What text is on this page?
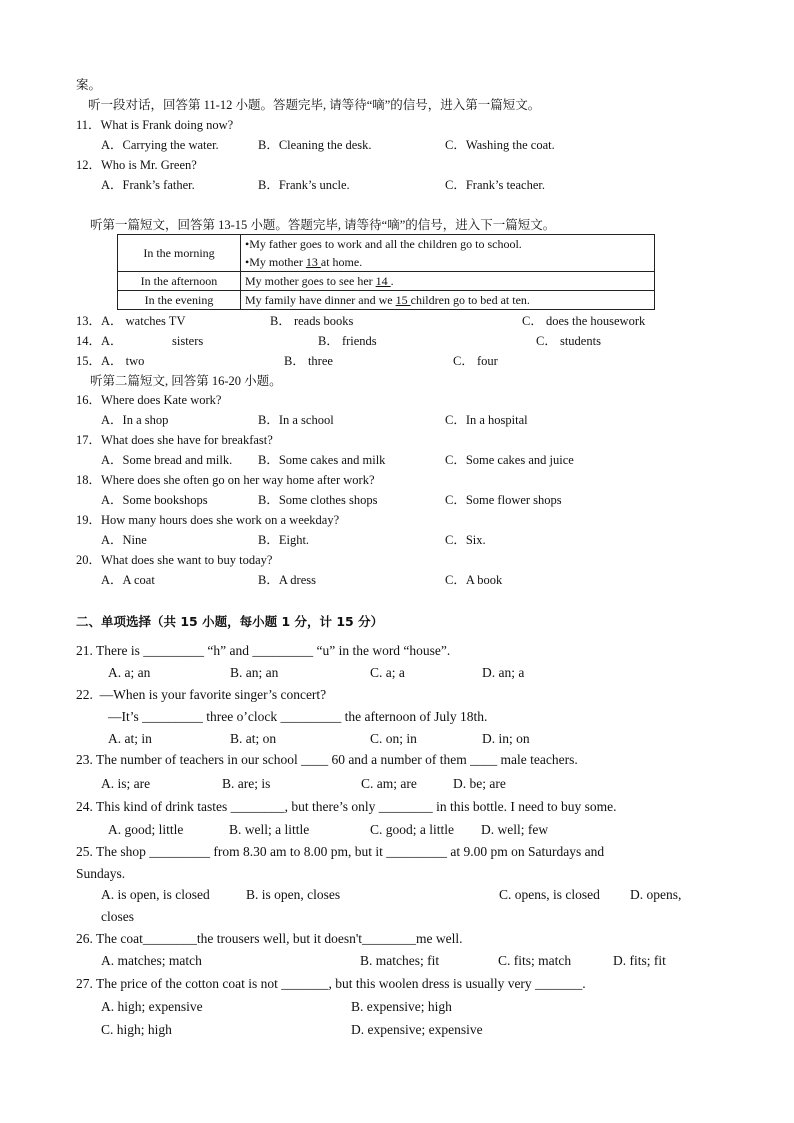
案。
听一段对话，回答第 11-12 小题。答题完毕, 请等待“嘀”的信号，进入第一篇短文。
11．What is Frank doing now?
A．Carrying the water.	B．Cleaning the desk.	C．Washing the coat.
12．Who is Mr. Green?
A．Frank’s father.	B．Frank’s uncle.	C．Frank’s teacher.
听第一篇短文，回答第 13-15 小题。答题完毕, 请等待“嘀”的信号，进入下一篇短文。
In the morning	•My father goes to work and all the children go to school.
•My mother 13 at home.

In the afternoon	My mother goes to see her 14 .
In the evening	My family have dinner and we 15 children go to bed at ten.
13．A． watches TV	B． reads books	C． does the housework
14．A．	sisters	B． friends	C． students
15．A． two	B． three	C． four
听第二篇短文, 回答第 16-20 小题。
16．Where does Kate work?
A．In a shop	B．In a school	C．In a hospital
17．What does she have for breakfast?
A．Some bread and milk. B．Some cakes and milk	C．Some cakes and juice
18．Where does she often go on her way home after work?
A．Some bookshops	B．Some clothes shops	C．Some flower shops
19．How many hours does she work on a weekday?
A．Nine	B．Eight.	C．Six.
20．What does she want to buy today?
A．A coat	B．A dress	C．A book
二、单项选择（共 15 小题，每小题 1 分，计 15 分）
21. There is _________ “h” and _________ “u” in the word “house”.
A. a; an	B. an; an	C. a; a	D. an; a
22.  —When is your favorite singer’s concert?
—It’s _________ three o’clock _________ the afternoon of July 18th.
A. at; in	B. at; on	C. on; in	D. in; on
23. The number of teachers in our school ____ 60 and a number of them ____ male teachers.
A. is; are	B. are; is	C. am; are	D. be; are
24. This kind of drink tastes ________, but there’s only ________ in this bottle. I need to buy some.
A. good; little	B. well; a little	C. good; a little D. well; few
25. The shop _________ from 8.30 am to 8.00 pm, but it _________ at 9.00 pm on Saturdays and
Sundays.
A. is open, is closed	B. is open, closes	C. opens, is closed D. opens,
closes
26. The coat________the trousers well, but it doesn't________me well.
A. matches; match	B. matches; fit	C. fits; match	D. fits; fit
27. The price of the cotton coat is not _______, but this woolen dress is usually very _______.
A. high; expensive	B. expensive; high
C. high; high	D. expensive; expensive
